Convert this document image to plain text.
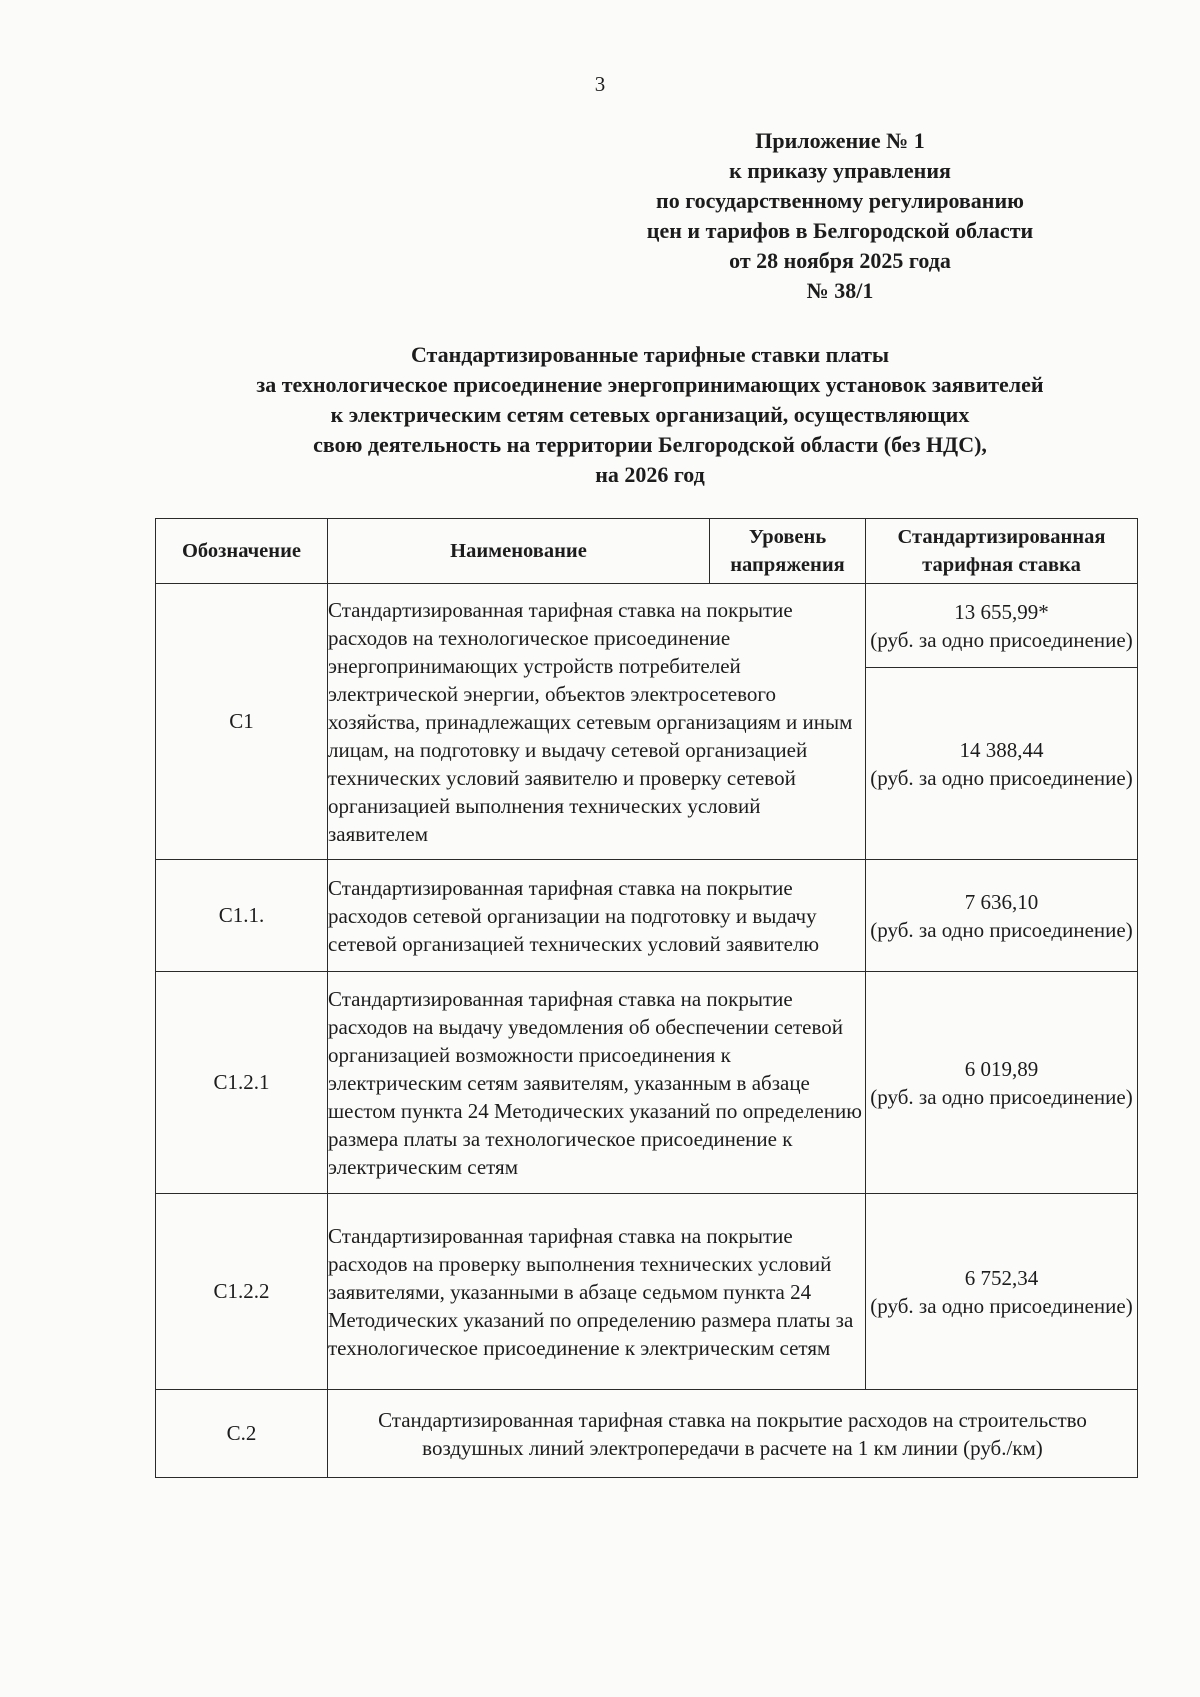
3
Приложение № 1
к приказу управления
по государственному регулированию
цен и тарифов в Белгородской области
от 28 ноября 2025 года
№ 38/1
Стандартизированные тарифные ставки платы
за технологическое присоединение энергопринимающих установок заявителей
к электрическим сетям сетевых организаций, осуществляющих
свою деятельность на территории Белгородской области (без НДС),
на 2026 год
Обозначение	Наименование	Уровень напряжения	Стандартизированная тарифная ставка
С1	Стандартизированная тарифная ставка на покрытие расходов на технологическое присоединение энергопринимающих устройств потребителей электрической энергии, объектов электросетевого хозяйства, принадлежащих сетевым организациям и иным лицам, на подготовку и выдачу сетевой организацией технических условий заявителю и проверку сетевой организацией выполнения технических условий заявителем		13 655,99*
(руб. за одно присоединение)

			14 388,44
(руб. за одно присоединение)

С1.1.	Стандартизированная тарифная ставка на покрытие расходов сетевой организации на подготовку и выдачу сетевой организацией технических условий заявителю		7 636,10
(руб. за одно присоединение)

С1.2.1	Стандартизированная тарифная ставка на покрытие расходов на выдачу уведомления об обеспечении сетевой организацией возможности присоединения к электрическим сетям заявителям, указанным в абзаце шестом пункта 24 Методических указаний по определению размера платы за технологическое присоединение к электрическим сетям		6 019,89
(руб. за одно присоединение)

С1.2.2	Стандартизированная тарифная ставка на покрытие расходов на проверку выполнения технических условий заявителями, указанными в абзаце седьмом пункта 24 Методических указаний по определению размера платы за технологическое присоединение к электрическим сетям		6 752,34
(руб. за одно присоединение)

С.2	Стандартизированная тарифная ставка на покрытие расходов на строительство воздушных линий электропередачи в расчете на 1 км линии (руб./км)		
